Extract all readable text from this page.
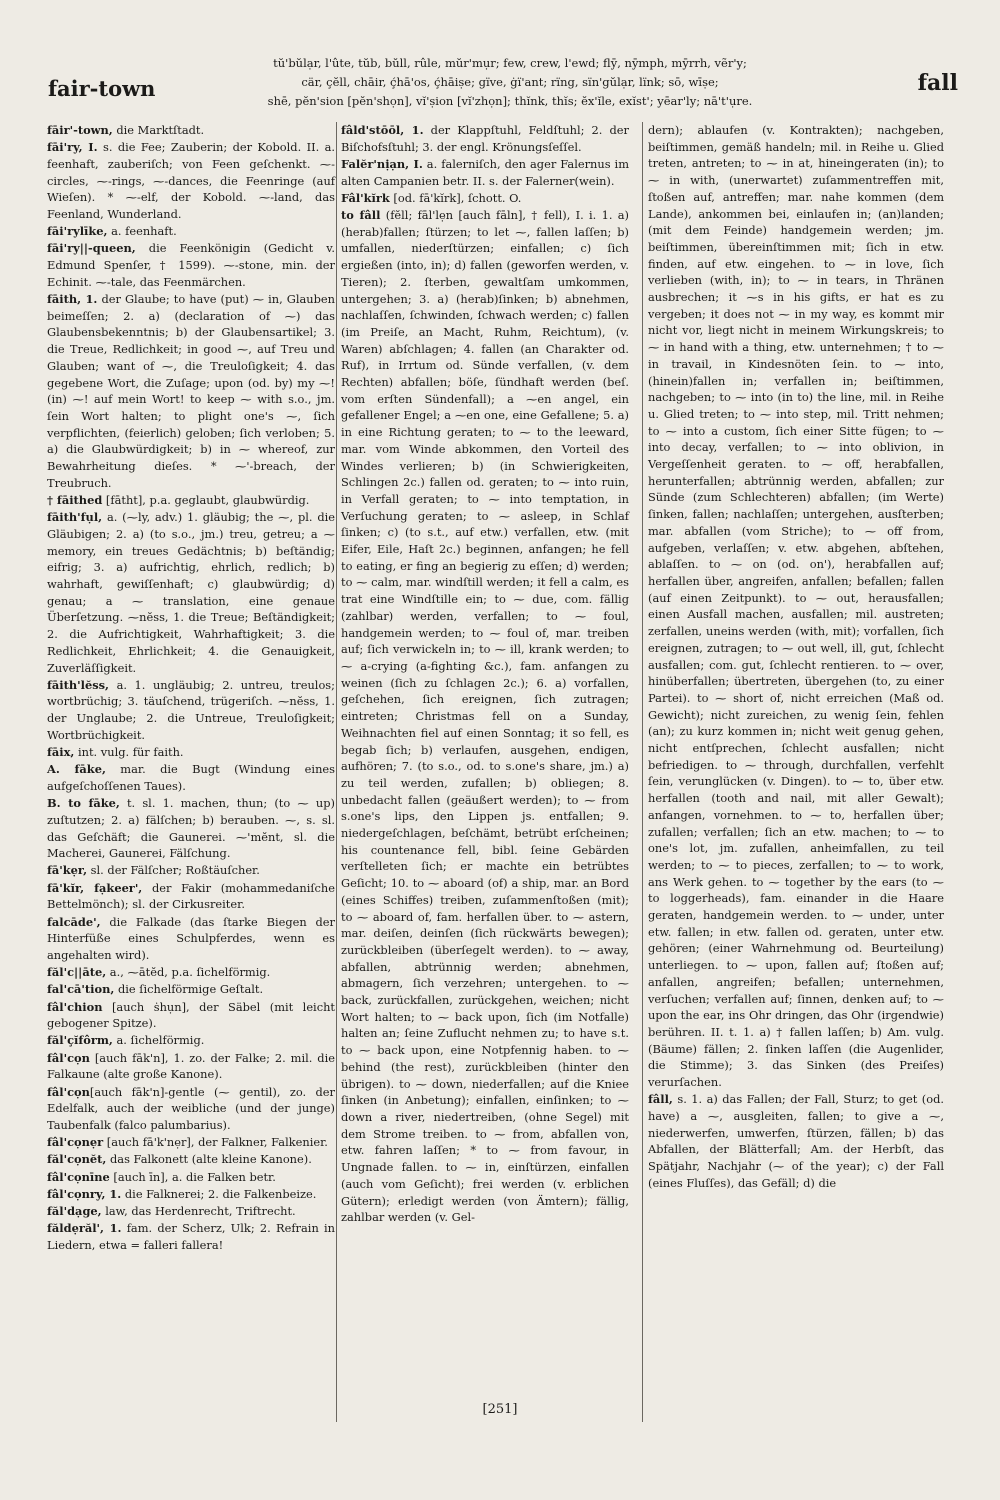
fair-town
tŭ'bŭlạr, l'ûte, tŭb, bŭll, rûle, mŭr'mụr; few, crew, l'ewd; flȳ, nȳmph, mȳrrh, vẽr'y;
cär, çĕll, chāir, ḉhā'os, ḉhāiṣe; gïve, ġï'ant; rïng, sïn'gŭlạr, lïnk; sō, wīṣe;
shē, pĕn'sion [pĕn'shọn], vĭ'ṣion [vĭ'zhọn]; thĭnk, thĭs; ĕx'ĭle, exĭst'; yēar'ly; nā't'ụre.
fall
fāir'-town, die Marktſtadt.
fāi'ry, I. s. die Fee; Zauberin; der Kobold. II. a. feenhaft, zauberiſch; von Feen geſchenkt. ⁓-circles, ⁓-rings, ⁓-dances, die Feenringe (auf Wieſen). * ⁓-elf, der Kobold. ⁓-land, das Feenland, Wunderland.
fāi'rylīke, a. feenhaft.
fāi'ry||-queen, die Feenkönigin (Gedicht v. Edmund Spenſer, † 1599). ⁓-stone, min. der Echinit. ⁓-tale, das Feenmärchen.
fāith, 1. der Glaube; to have (put) ⁓ in, Glauben beimeſſen; 2. a) (declaration of ⁓) das Glaubensbekenntnis; b) der Glaubensartikel; 3. die Treue, Redlichkeit; in good ⁓, auf Treu und Glauben; want of ⁓, die Treuloſigkeit; 4. das gegebene Wort, die Zuſage; upon (od. by) my ⁓! (in) ⁓! auf mein Wort! to keep ⁓ with s.o., jm. ſein Wort halten; to plight one's ⁓, ſich verpflichten, (feierlich) geloben; ſich verloben; 5. a) die Glaubwürdigkeit; b) in ⁓ whereof, zur Bewahrheitung dieſes. * ⁓'-breach, der Treubruch.
† fāithed [fātht], p.a. geglaubt, glaubwürdig.
fāith'fụl, a. (⁓ly, adv.) 1. gläubig; the ⁓, pl. die Gläubigen; 2. a) (to s.o., jm.) treu, getreu; a ⁓ memory, ein treues Gedächtnis; b) beſtändig; eifrig; 3. a) aufrichtig, ehrlich, redlich; b) wahrhaft, gewiſſenhaft; c) glaubwürdig; d) genau; a ⁓ translation, eine genaue Überſetzung. ⁓nĕss, 1. die Treue; Beſtändigkeit; 2. die Aufrichtigkeit, Wahrhaftigkeit; 3. die Redlichkeit, Ehrlichkeit; 4. die Genauigkeit, Zuverläſſigkeit.
fāith'lĕss, a. 1. ungläubig; 2. untreu, treulos; wortbrüchig; 3. täuſchend, trügeriſch. ⁓nĕss, 1. der Unglaube; 2. die Untreue, Treuloſigkeit; Wortbrüchigkeit.
fāix, int. vulg. für faith.
A. fāke, mar. die Bugt (Windung eines aufgeſchoſſenen Taues).
B. to fāke, t. sl. 1. machen, thun; (to ⁓ up) zuſtutzen; 2. a) fälſchen; b) berauben. ⁓, s. sl. das Geſchäft; die Gaunerei. ⁓'mĕnt, sl. die Macherei, Gaunerei, Fälſchung.
fā'kẹr, sl. der Fälſcher; Roßtäuſcher.
fā'kĭr, fạkeer', der Fakir (mohammedaniſche Bettelmönch); sl. der Cirkusreiter.
falcāde', die Falkade (das ſtarke Biegen der Hinterfüße eines Schulpferdes, wenn es angehalten wird).
făl'c||āte, a., ⁓ātĕd, p.a. ſichelförmig.
fal'cā'tion, die ſichelförmige Geſtalt.
fâl'chion [auch ṡhụn], der Säbel (mit leicht gebogener Spitze).
făl'çĭfôrm, a. ſichelförmig.
fâl'cọn [auch fāk'n], 1. zo. der Falke; 2. mil. die Falkaune (alte große Kanone).
fâl'cọn[auch fāk'n]-gentle (⁓ gentil), zo. der Edelfalk, auch der weibliche (und der junge) Taubenfalk (falco palumbarius).
fâl'cọnẹr [auch fā'k'nẹr], der Falkner, Falkenier.
făl'cọnĕt, das Falkonett (alte kleine Kanone).
fâl'cọnīne [auch īn], a. die Falken betr.
fâl'cọnry, 1. die Falknerei; 2. die Falkenbeize.
făl'dạge, law, das Herdenrecht, Triftrecht.
făldẹrăl', 1. fam. der Scherz, Ulk; 2. Refrain in Liedern, etwa = falleri fallera!
fâld'stōōl, 1. der Klappſtuhl, Feldſtuhl; 2. der Biſchofsſtuhl; 3. der engl. Krönungsſeſſel.
Falĕr'nịạn, I. a. falerniſch, den ager Falernus im alten Campanien betr. II. s. der Falerner(wein).
Fâl'kĭrk [od. fā'kĭrk], ſchott. O.
to fâll (fĕll; fāl'lẹn [auch fāln], † fell), I. i. 1. a) (herab)fallen; ſtürzen; to let ⁓, fallen laſſen; b) umfallen, niederſtürzen; einfallen; c) ſich ergießen (into, in); d) fallen (geworfen werden, v. Tieren); 2. ſterben, gewaltſam umkommen, untergehen; 3. a) (herab)ſinken; b) abnehmen, nachlaſſen, ſchwinden, ſchwach werden; c) fallen (im Preiſe, an Macht, Ruhm, Reichtum), (v. Waren) abſchlagen; 4. fallen (an Charakter od. Ruf), in Irrtum od. Sünde verfallen, (v. dem Rechten) abfallen; böſe, ſündhaft werden (beſ. vom erſten Sündenfall); a ⁓en angel, ein gefallener Engel; a ⁓en one, eine Gefallene; 5. a) in eine Richtung geraten; to ⁓ to the leeward, mar. vom Winde abkommen, den Vorteil des Windes verlieren; b) (in Schwierigkeiten, Schlingen 2c.) fallen od. geraten; to ⁓ into ruin, in Verfall geraten; to ⁓ into temptation, in Verſuchung geraten; to ⁓ asleep, in Schlaf ſinken; c) (to s.t., auf etw.) verfallen, etw. (mit Eifer, Eile, Haſt 2c.) beginnen, anfangen; he fell to eating, er fing an begierig zu eſſen; d) werden; to ⁓ calm, mar. windſtill werden; it fell a calm, es trat eine Windſtille ein; to ⁓ due, com. fällig (zahlbar) werden, verfallen; to ⁓ foul, handgemein werden; to ⁓ foul of, mar. treiben auf; ſich verwickeln in; to ⁓ ill, krank werden; to ⁓ a-crying (a-fighting &c.), fam. anfangen zu weinen (ſich zu ſchlagen 2c.); 6. a) vorfallen, geſchehen, ſich ereignen, ſich zutragen; eintreten; Christmas fell on a Sunday, Weihnachten fiel auf einen Sonntag; it so fell, es begab ſich; b) verlaufen, ausgehen, endigen, aufhören; 7. (to s.o., od. to s.one's share, jm.) a) zu teil werden, zufallen; b) obliegen; 8. unbedacht fallen (geäußert werden); to ⁓ from s.one's lips, den Lippen js. entfallen; 9. niedergeſchlagen, beſchämt, betrübt erſcheinen; his countenance fell, bibl. ſeine Gebärden verſtelleten ſich; er machte ein betrübtes Geſicht; 10. to ⁓ aboard (of) a ship, mar. an Bord (eines Schiffes) treiben, zuſammenſtoßen (mit); to ⁓ aboard of, fam. herfallen über. to ⁓ astern, mar. deiſen, deinſen (ſich rückwärts bewegen); zurückbleiben (überſegelt werden). to ⁓ away, abfallen, abtrünnig werden; abnehmen, abmagern, ſich verzehren; untergehen. to ⁓ back, zurückfallen, zurückgehen, weichen; nicht Wort halten; to ⁓ back upon, ſich (im Notfalle) halten an; ſeine Zuflucht nehmen zu; to have s.t. to ⁓ back upon, eine Notpfennig haben. to ⁓ behind (the rest), zurückbleiben (hinter den übrigen). to ⁓ down, niederfallen; auf die Kniee ſinken (in Anbetung); einfallen, einſinken; to ⁓ down a river, niedertreiben, (ohne Segel) mit dem Strome treiben. to ⁓ from, abfallen von, etw. fahren laſſen; * to ⁓ from favour, in Ungnade fallen. to ⁓ in, einſtürzen, einfallen (auch vom Geſicht); frei werden (v. erblichen Gütern); erledigt werden (von Ämtern); fällig, zahlbar werden (v. Gel-
dern); ablaufen (v. Kontrakten); nachgeben, beiſtimmen, gemäß handeln; mil. in Reihe u. Glied treten, antreten; to ⁓ in at, hineingeraten (in); to ⁓ in with, (unerwartet) zuſammentreffen mit, ſtoßen auf, antreffen; mar. nahe kommen (dem Lande), ankommen bei, einlaufen in; (an)landen; (mit dem Feinde) handgemein werden; jm. beiſtimmen, übereinſtimmen mit; ſich in etw. finden, auf etw. eingehen. to ⁓ in love, ſich verlieben (with, in); to ⁓ in tears, in Thränen ausbrechen; it ⁓s in his gifts, er hat es zu vergeben; it does not ⁓ in my way, es kommt mir nicht vor, liegt nicht in meinem Wirkungskreis; to ⁓ in hand with a thing, etw. unternehmen; † to ⁓ in travail, in Kindesnöten ſein. to ⁓ into, (hinein)fallen in; verfallen in; beiſtimmen, nachgeben; to ⁓ into (in to) the line, mil. in Reihe u. Glied treten; to ⁓ into step, mil. Tritt nehmen; to ⁓ into a custom, ſich einer Sitte fügen; to ⁓ into decay, verfallen; to ⁓ into oblivion, in Vergeſſenheit geraten. to ⁓ off, herabfallen, herunterfallen; abtrünnig werden, abfallen; zur Sünde (zum Schlechteren) abfallen; (im Werte) ſinken, fallen; nachlaſſen; untergehen, ausſterben; mar. abfallen (vom Striche); to ⁓ off from, aufgeben, verlaſſen; v. etw. abgehen, abſtehen, ablaſſen. to ⁓ on (od. on'), herabfallen auf; herfallen über, angreifen, anfallen; befallen; fallen (auf einen Zeitpunkt). to ⁓ out, herausfallen; einen Ausfall machen, ausfallen; mil. austreten; zerfallen, uneins werden (with, mit); vorfallen, ſich ereignen, zutragen; to ⁓ out well, ill, gut, ſchlecht ausfallen; com. gut, ſchlecht rentieren. to ⁓ over, hinüberfallen; übertreten, übergehen (to, zu einer Partei). to ⁓ short of, nicht erreichen (Maß od. Gewicht); nicht zureichen, zu wenig ſein, fehlen (an); zu kurz kommen in; nicht weit genug gehen, nicht entſprechen, ſchlecht ausfallen; nicht befriedigen. to ⁓ through, durchfallen, verfehlt ſein, verunglücken (v. Dingen). to ⁓ to, über etw. herfallen (tooth and nail, mit aller Gewalt); anfangen, vornehmen. to ⁓ to, herfallen über; zufallen; verfallen; ſich an etw. machen; to ⁓ to one's lot, jm. zufallen, anheimfallen, zu teil werden; to ⁓ to pieces, zerfallen; to ⁓ to work, ans Werk gehen. to ⁓ together by the ears (to ⁓ to loggerheads), fam. einander in die Haare geraten, handgemein werden. to ⁓ under, unter etw. fallen; in etw. fallen od. geraten, unter etw. gehören; (einer Wahrnehmung od. Beurteilung) unterliegen. to ⁓ upon, fallen auf; ſtoßen auf; anfallen, angreifen; befallen; unternehmen, verſuchen; verfallen auf; ſinnen, denken auf; to ⁓ upon the ear, ins Ohr dringen, das Ohr (irgendwie) berühren. II. t. 1. a) † fallen laſſen; b) Am. vulg. (Bäume) fällen; 2. ſinken laſſen (die Augenlider, die Stimme); 3. das Sinken (des Preiſes) verurſachen.
fâll, s. 1. a) das Fallen; der Fall, Sturz; to get (od. have) a ⁓, ausgleiten, fallen; to give a ⁓, niederwerfen, umwerfen, ſtürzen, fällen; b) das Abfallen, der Blätterfall; Am. der Herbſt, das Spätjahr, Nachjahr (⁓ of the year); c) der Fall (eines Fluſſes), das Gefäll; d) die
[251]
